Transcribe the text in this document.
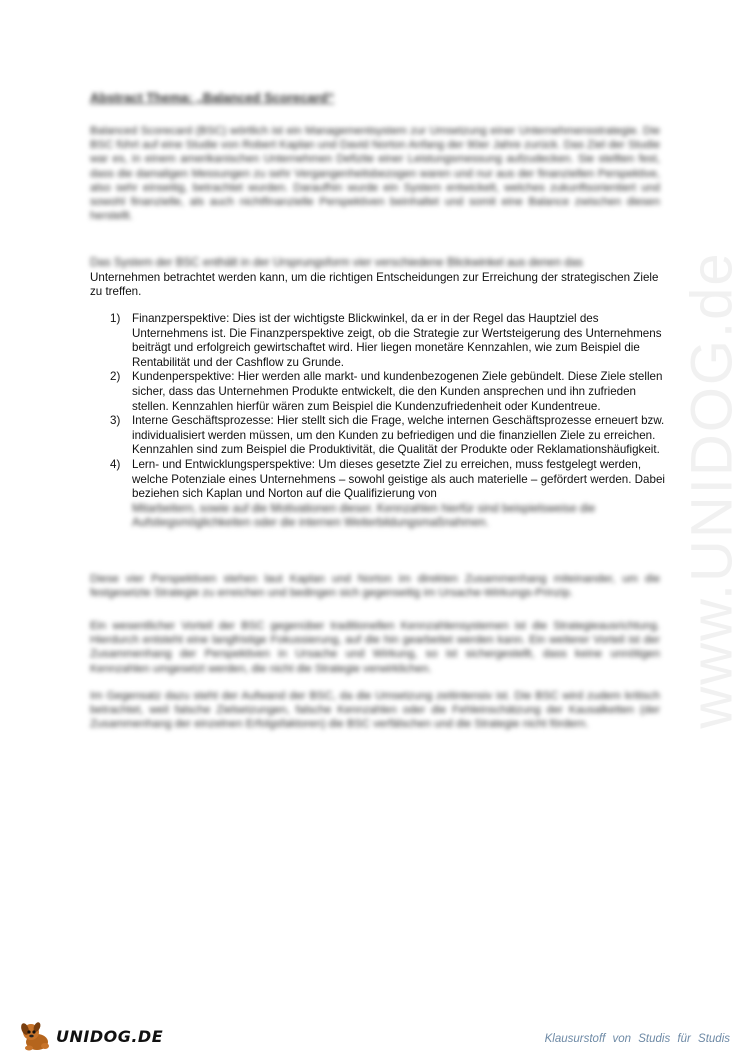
www.UNIDOG.de
Abstract Thema: „Balanced Scorecard“
Balanced Scorecard (BSC) wörtlich ist ein Managementsystem zur Umsetzung einer Unternehmensstrategie. Die BSC führt auf eine Studie von Robert Kaplan und David Norton Anfang der 90er Jahre zurück. Das Ziel der Studie war es, in einem amerikanischen Unternehmen Defizite einer Leistungsmessung aufzudecken. Sie stellten fest, dass die damaligen Messungen zu sehr Vergangenheitsbezogen waren und nur aus der finanziellen Perspektive, also sehr einseitig, betrachtet wurden. Daraufhin wurde ein System entwickelt, welches zukunftsorientiert und sowohl finanzielle, als auch nichtfinanzielle Perspektiven beinhaltet und somit eine Balance zwischen diesen herstellt.
Das System der BSC enthält in der Ursprungsform vier verschiedene Blickwinkel aus denen das
Unternehmen betrachtet werden kann, um die richtigen Entscheidungen zur Erreichung der strategischen Ziele zu treffen.
1) Finanzperspektive: Dies ist der wichtigste Blickwinkel, da er in der Regel das Hauptziel des Unternehmens ist. Die Finanzperspektive zeigt, ob die Strategie zur Wertsteigerung des Unternehmens beiträgt und erfolgreich gewirtschaftet wird. Hier liegen monetäre Kennzahlen, wie zum Beispiel die Rentabilität und der Cashflow zu Grunde.
2) Kundenperspektive: Hier werden alle markt- und kundenbezogenen Ziele gebündelt. Diese Ziele stellen sicher, dass das Unternehmen Produkte entwickelt, die den Kunden ansprechen und ihn zufrieden stellen. Kennzahlen hierfür wären zum Beispiel die Kundenzufriedenheit oder Kundentreue.
3) Interne Geschäftsprozesse: Hier stellt sich die Frage, welche internen Geschäftsprozesse erneuert bzw. individualisiert werden müssen, um den Kunden zu befriedigen und die finanziellen Ziele zu erreichen. Kennzahlen sind zum Beispiel die Produktivität, die Qualität der Produkte oder Reklamationshäufigkeit.
4) Lern- und Entwicklungsperspektive: Um dieses gesetzte Ziel zu erreichen, muss festgelegt werden, welche Potenziale eines Unternehmens – sowohl geistige als auch materielle – gefördert werden. Dabei beziehen sich Kaplan und Norton auf die Qualifizierung von
Mitarbeitern, sowie auf die Motivationen dieser. Kennzahlen hierfür sind beispielsweise die Aufstiegsmöglichkeiten oder die internen Weiterbildungsmaßnahmen.
Diese vier Perspektiven stehen laut Kaplan und Norton im direkten Zusammenhang miteinander, um die festgesetzte Strategie zu erreichen und bedingen sich gegenseitig im Ursache-Wirkungs-Prinzip.
Ein wesentlicher Vorteil der BSC gegenüber traditionellen Kennzahlensystemen ist die Strategieausrichtung. Hierdurch entsteht eine langfristige Fokussierung, auf die hin gearbeitet werden kann. Ein weiterer Vorteil ist der Zusammenhang der Perspektiven in Ursache und Wirkung, so ist sichergestellt, dass keine unnötigen Kennzahlen umgesetzt werden, die nicht die Strategie verwirklichen.
Im Gegensatz dazu steht der Aufwand der BSC, da die Umsetzung zeitintensiv ist. Die BSC wird zudem kritisch betrachtet, weil falsche Zielsetzungen, falsche Kennzahlen oder die Fehleinschätzung der Kausalketten (der Zusammenhang der einzelnen Erfolgsfaktoren) die BSC verfälschen und die Strategie nicht fördern.
UNIDOG.DE	Klausurstoff von Studis für Studis
